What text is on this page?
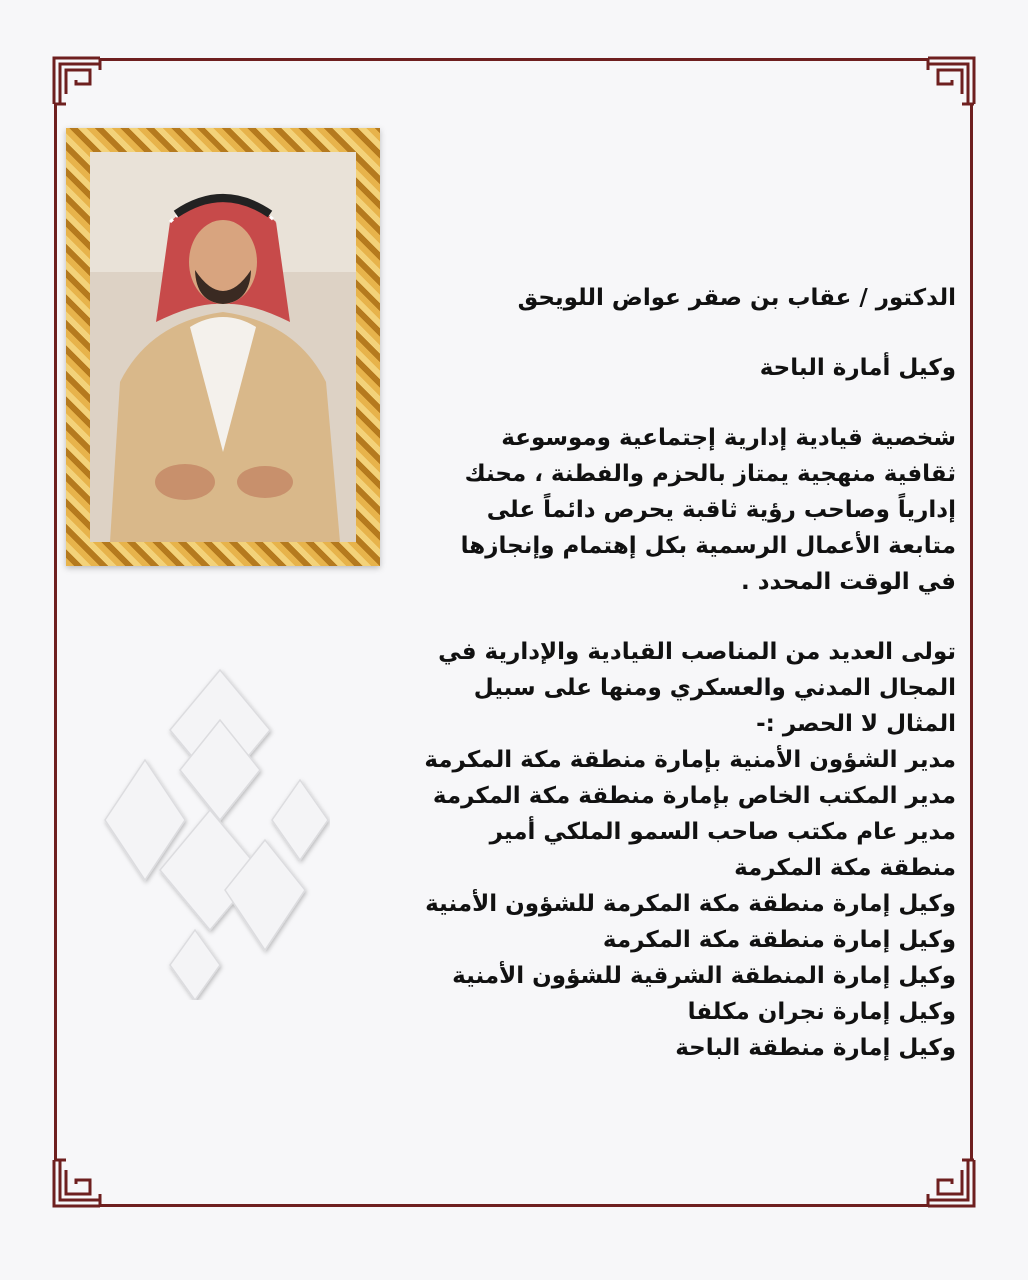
الدكتور / عقاب بن صقر عواض اللويحق

وكيل أمارة الباحة

شخصية قيادية إدارية إجتماعية وموسوعة

ثقافية منهجية يمتاز بالحزم والفطنة ، محنك

إدارياً وصاحب رؤية ثاقبة يحرص دائماً على

متابعة الأعمال الرسمية بكل إهتمام وإنجازها

في الوقت المحدد .

تولى العديد من المناصب القيادية والإدارية في

المجال المدني والعسكري ومنها على سبيل

المثال لا الحصر :-

مدير الشؤون الأمنية بإمارة منطقة مكة المكرمة

مدير المكتب الخاص بإمارة منطقة مكة المكرمة

مدير عام مكتب صاحب السمو الملكي أمير

منطقة مكة المكرمة

وكيل إمارة منطقة مكة المكرمة للشؤون الأمنية

وكيل إمارة منطقة مكة المكرمة

وكيل إمارة المنطقة الشرقية للشؤون الأمنية

وكيل إمارة نجران مكلفا

وكيل إمارة منطقة الباحة
